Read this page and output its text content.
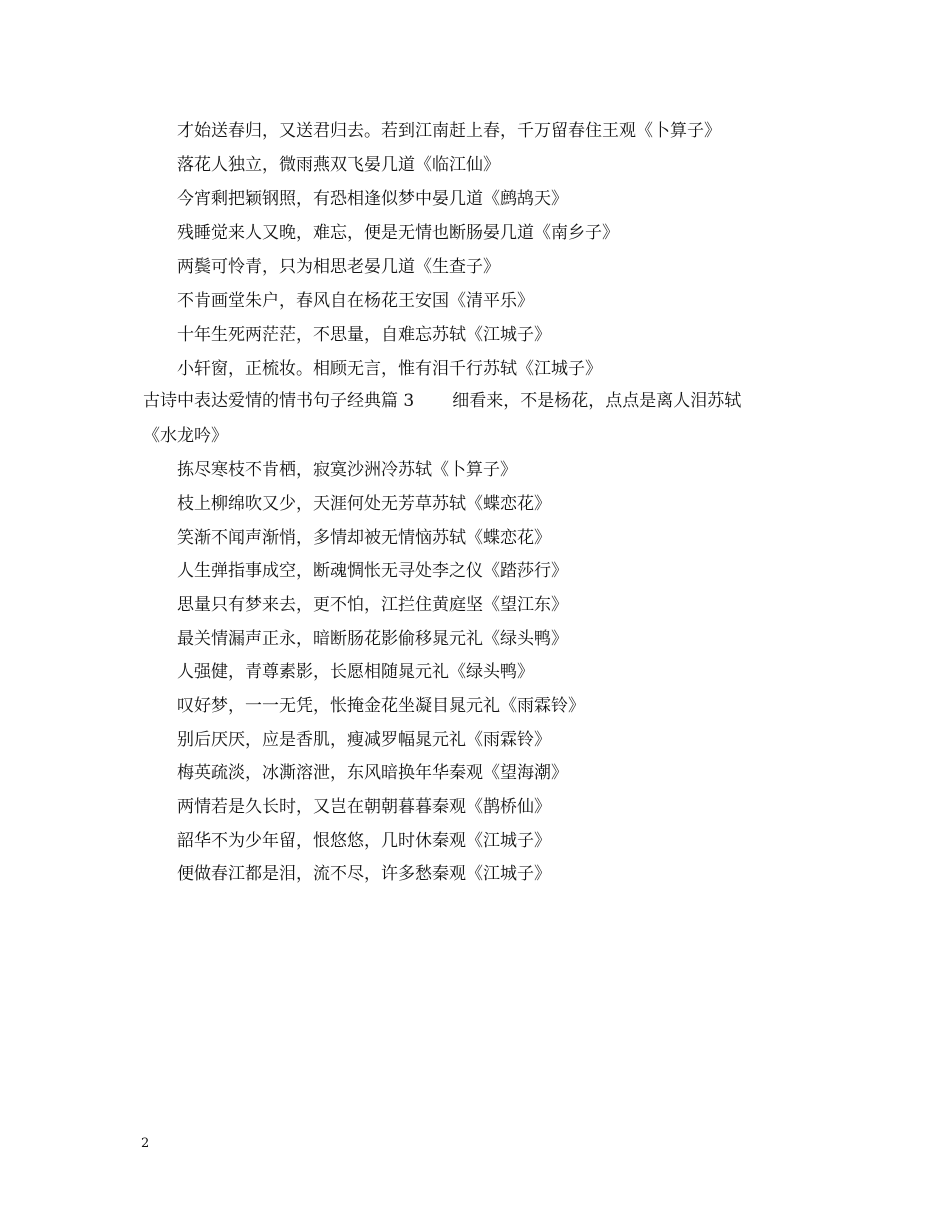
才始送春归，又送君归去。若到江南赶上春，千万留春住王观《卜算子》
落花人独立，微雨燕双飞晏几道《临江仙》
今宵剩把颖钢照，有恐相逢似梦中晏几道《鹧鸪天》
残睡觉来人又晚，难忘，便是无情也断肠晏几道《南乡子》
两鬓可怜青，只为相思老晏几道《生查子》
不肯画堂朱户，春风自在杨花王安国《清平乐》
十年生死两茫茫，不思量，自难忘苏轼《江城子》
小轩窗，正梳妆。相顾无言，惟有泪千行苏轼《江城子》
古诗中表达爱情的情书句子经典篇 3 细看来，不是杨花，点点是离人泪苏轼
《水龙吟》
拣尽寒枝不肯栖，寂寞沙洲冷苏轼《卜算子》
枝上柳绵吹又少，天涯何处无芳草苏轼《蝶恋花》
笑渐不闻声渐悄，多情却被无情恼苏轼《蝶恋花》
人生弹指事成空，断魂惆怅无寻处李之仪《踏莎行》
思量只有梦来去，更不怕，江拦住黄庭坚《望江东》
最关情漏声正永，暗断肠花影偷移晁元礼《绿头鸭》
人强健，青尊素影，长愿相随晁元礼《绿头鸭》
叹好梦，一一无凭，怅掩金花坐凝目晁元礼《雨霖铃》
别后厌厌，应是香肌，瘦减罗幅晁元礼《雨霖铃》
梅英疏淡，冰澌溶泄，东风暗换年华秦观《望海潮》
两情若是久长时，又岂在朝朝暮暮秦观《鹊桥仙》
韶华不为少年留，恨悠悠，几时休秦观《江城子》
便做春江都是泪，流不尽，许多愁秦观《江城子》
2
